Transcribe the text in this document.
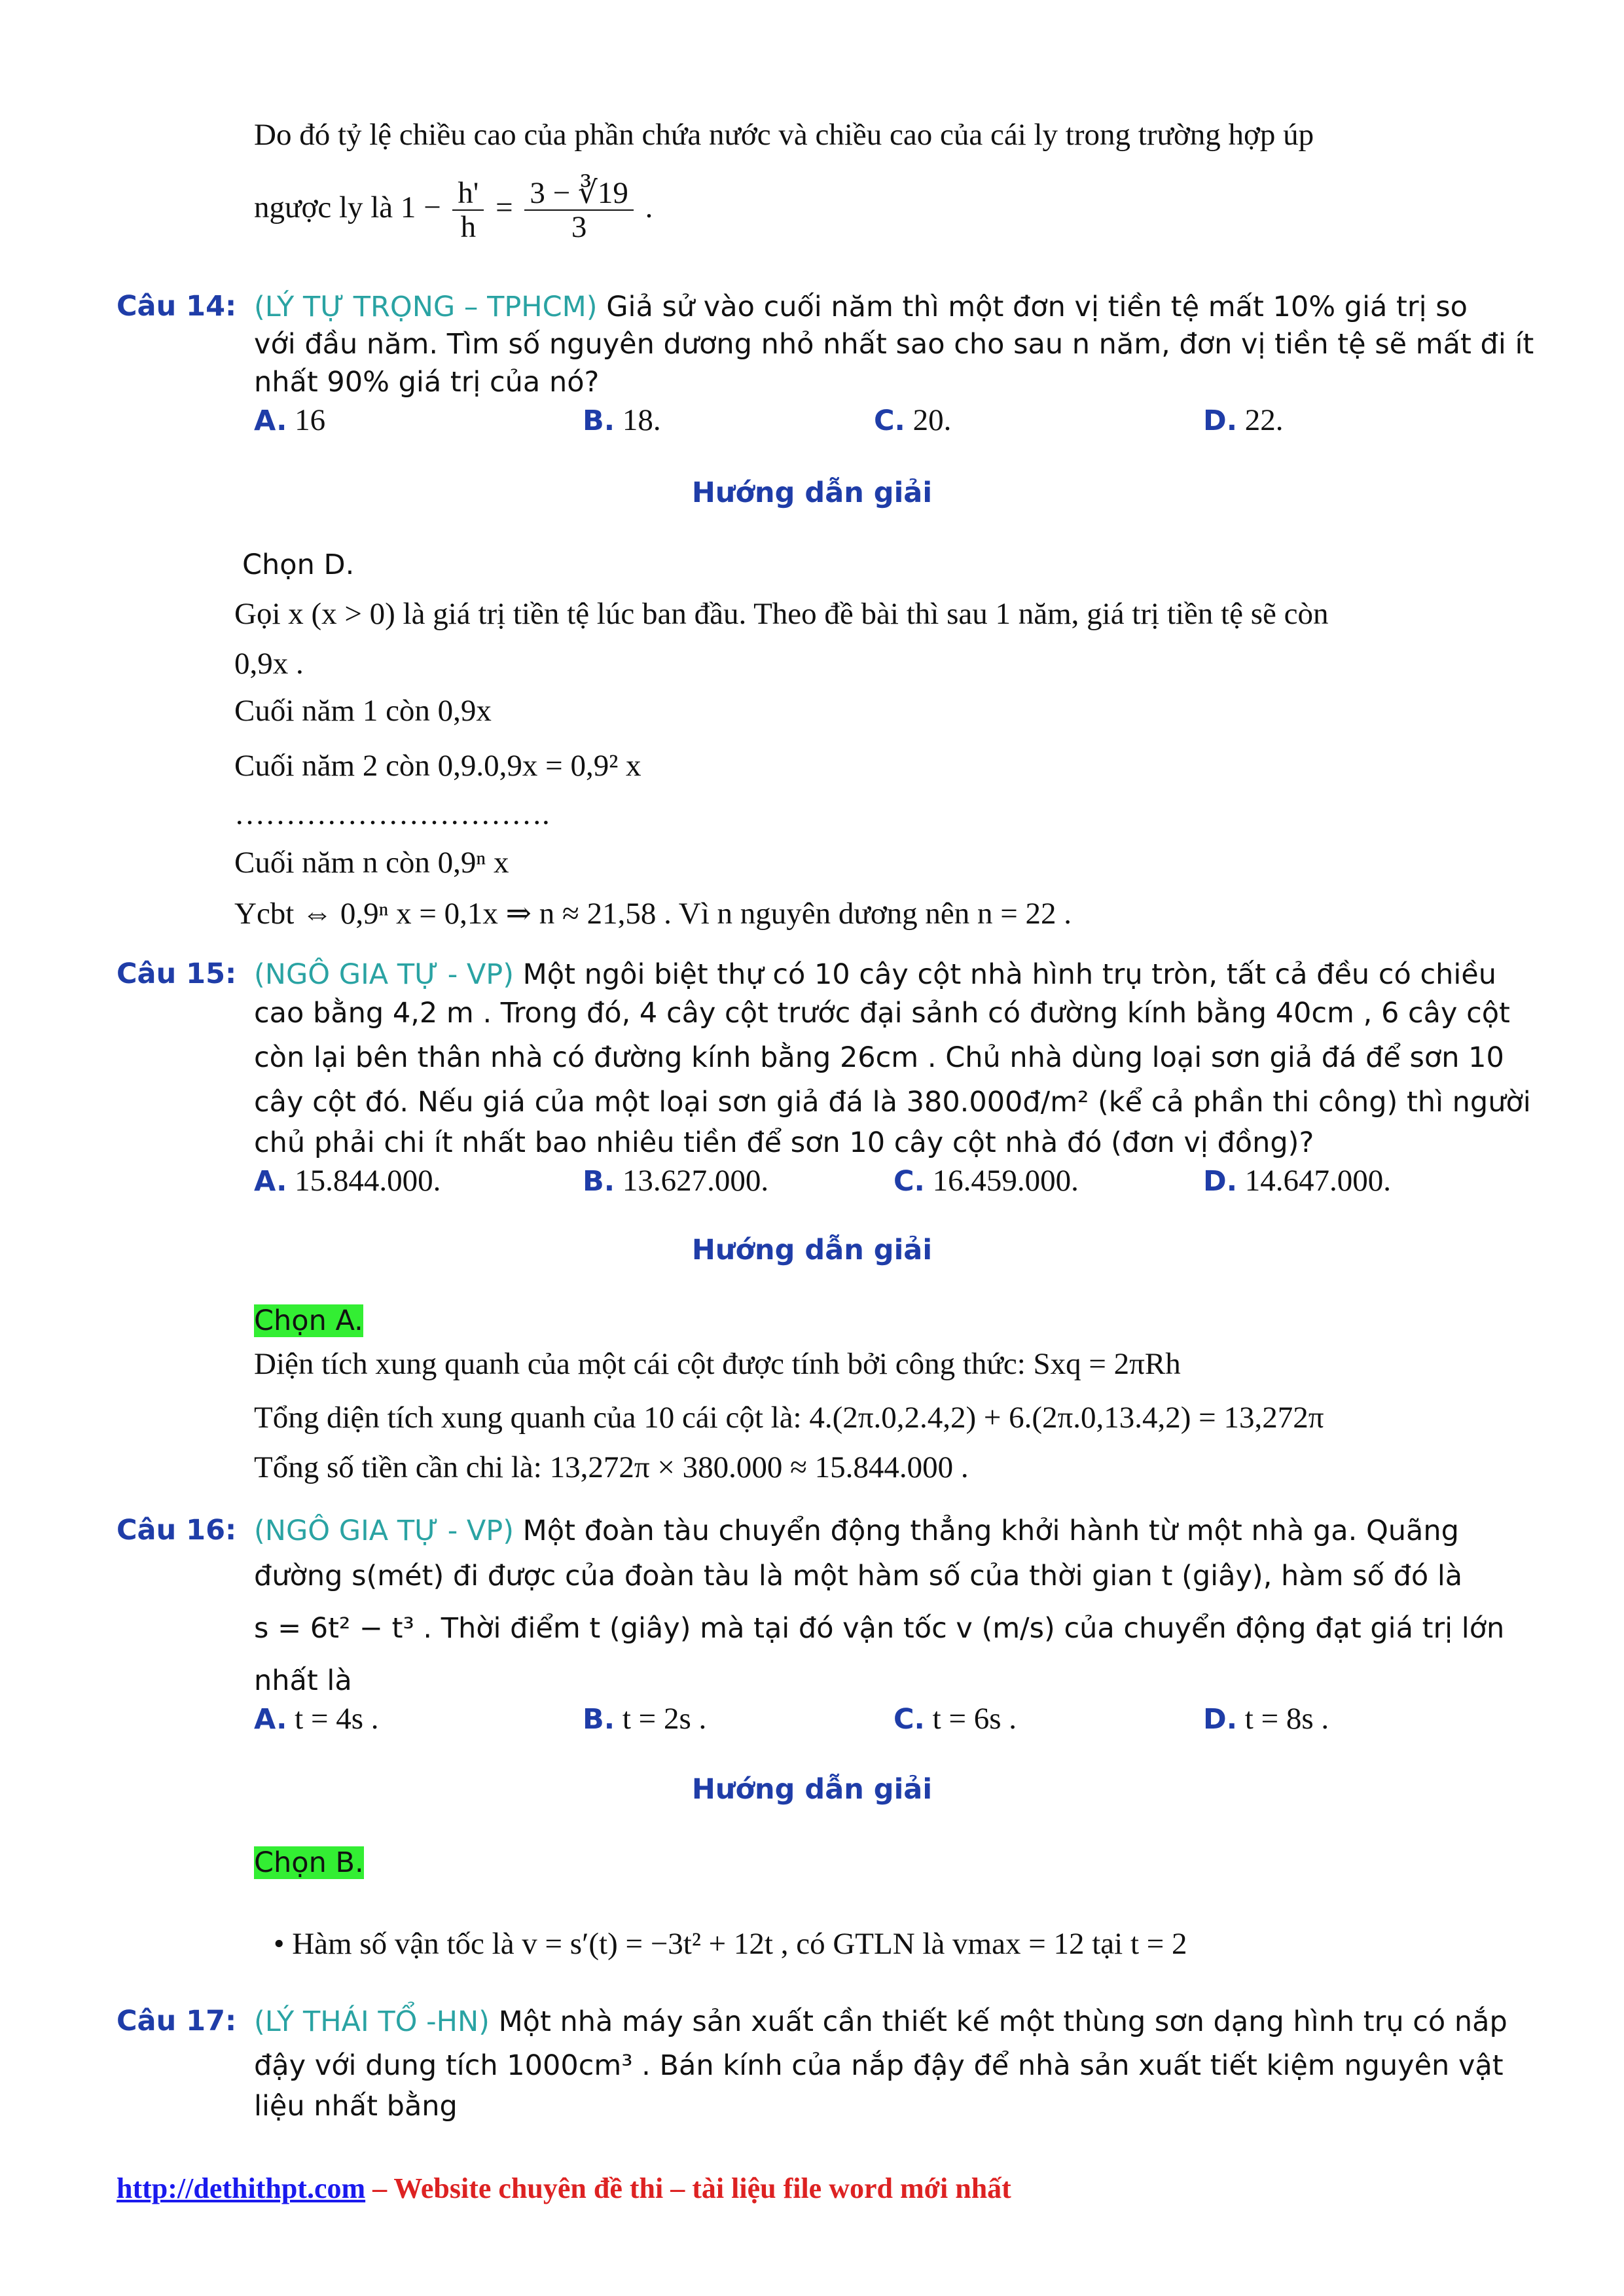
Do đó tỷ lệ chiều cao của phần chứa nước và chiều cao của cái ly trong trường hợp úp
ngược ly là $1 - \frac{h'}{h} = \frac{3 - ∛19}{3}$ .
Câu 14: (LÝ TỰ TRỌNG – TPHCM) Giả sử vào cuối năm thì một đơn vị tiền tệ mất 10% giá trị so
với đầu năm. Tìm số nguyên dương nhỏ nhất sao cho sau n năm, đơn vị tiền tệ sẽ mất đi ít
nhất 90% giá trị của nó?
A. 16	B. 18.	C. 20.	D. 22.
Hướng dẫn giải
Chọn D.
Gọi x (x > 0) là giá trị tiền tệ lúc ban đầu. Theo đề bài thì sau 1 năm, giá trị tiền tệ sẽ còn
0,9x .
Cuối năm 1 còn 0,9x
Cuối năm 2 còn 0,9.0,9x = 0,9² x
………………………….
Cuối năm n còn 0,9ⁿ x
Ycbt ⇔ 0,9ⁿ x = 0,1x ⇒ n ≈ 21,58 . Vì n nguyên dương nên n = 22 .
Câu 15: (NGÔ GIA TỰ - VP) Một ngôi biệt thự có 10 cây cột nhà hình trụ tròn, tất cả đều có chiều
cao bằng 4,2 m . Trong đó, 4 cây cột trước đại sảnh có đường kính bằng 40cm , 6 cây cột
còn lại bên thân nhà có đường kính bằng 26cm . Chủ nhà dùng loại sơn giả đá để sơn 10
cây cột đó. Nếu giá của một loại sơn giả đá là 380.000đ/m² (kể cả phần thi công) thì người
chủ phải chi ít nhất bao nhiêu tiền để sơn 10 cây cột nhà đó (đơn vị đồng)?
A. 15.844.000.	B. 13.627.000.	C. 16.459.000.	D. 14.647.000.
Hướng dẫn giải
Chọn A.
Diện tích xung quanh của một cái cột được tính bởi công thức: Sxq = 2πRh
Tổng diện tích xung quanh của 10 cái cột là: 4.(2π.0,2.4,2) + 6.(2π.0,13.4,2) = 13,272π
Tổng số tiền cần chi là: 13,272π × 380.000 ≈ 15.844.000 .
Câu 16: (NGÔ GIA TỰ - VP) Một đoàn tàu chuyển động thẳng khởi hành từ một nhà ga. Quãng
đường s(mét) đi được của đoàn tàu là một hàm số của thời gian t (giây), hàm số đó là
s = 6t² − t³ . Thời điểm t (giây) mà tại đó vận tốc v (m/s) của chuyển động đạt giá trị lớn
nhất là
A. t = 4s .	B. t = 2s .	C. t = 6s .	D. t = 8s .
Hướng dẫn giải
Chọn B.
• Hàm số vận tốc là v = s′(t) = −3t² + 12t , có GTLN là vmax = 12 tại t = 2
Câu 17: (LÝ THÁI TỔ -HN) Một nhà máy sản xuất cần thiết kế một thùng sơn dạng hình trụ có nắp
đậy với dung tích 1000cm³ . Bán kính của nắp đậy để nhà sản xuất tiết kiệm nguyên vật
liệu nhất bằng
http://dethithpt.com – Website chuyên đề thi – tài liệu file word mới nhất
